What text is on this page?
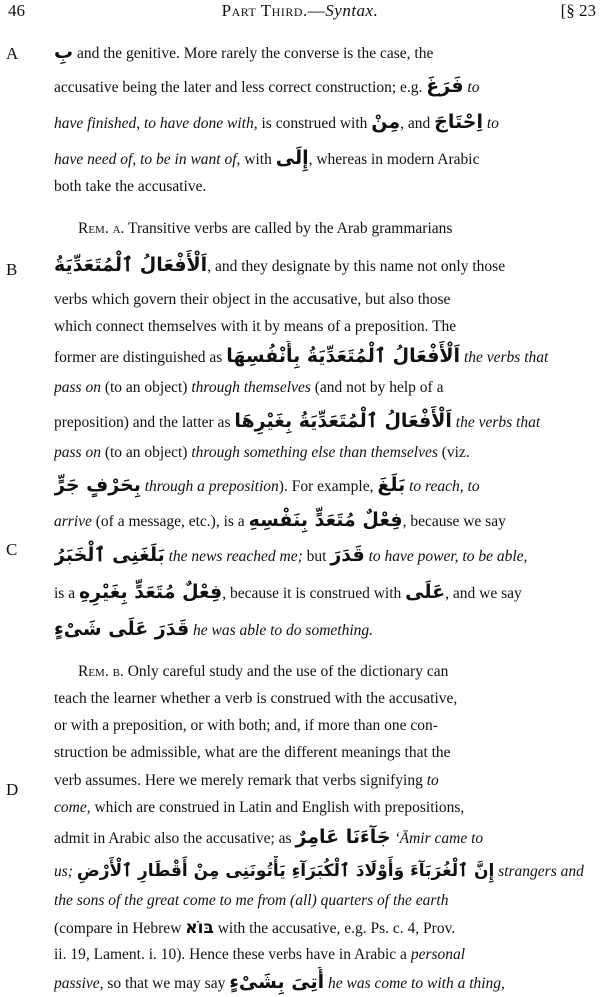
46	Part Third.—Syntax.	[§ 23
A
B
C
D
بِ and the genitive. More rarely the converse is the case, the
accusative being the later and less correct construction; e.g. فَرَغَ to
have finished, to have done with, is construed with مِنْ, and اِحْتَاجَ to
have need of, to be in want of, with إِلَى, whereas in modern Arabic
both take the accusative.
Rem. a. Transitive verbs are called by the Arab grammarians
اَلْأَفْعَالُ ٱلْمُتَعَدِّيَةُ, and they designate by this name not only those
verbs which govern their object in the accusative, but also those
which connect themselves with it by means of a preposition. The
former are distinguished as اَلْأَفْعَالُ ٱلْمُتَعَدِّيَةُ بِأَنْفُسِهَا the verbs that
pass on (to an object) through themselves (and not by help of a
preposition) and the latter as اَلْأَفْعَالُ ٱلْمُتَعَدِّيَةُ بِغَيْرِهَا the verbs that
pass on (to an object) through something else than themselves (viz.
بِحَرْفٍ جَرٍّ through a preposition). For example, بَلَغَ to reach, to
arrive (of a message, etc.), is a فِعْلٌ مُتَعَدٍّ بِنَفْسِهِ, because we say
بَلَغَنِى ٱلْخَبَرُ the news reached me; but قَدَرَ to have power, to be able,
is a فِعْلٌ مُتَعَدٍّ بِغَيْرِهِ, because it is construed with عَلَى, and we say
قَدَرَ عَلَى شَىْءٍ he was able to do something.
Rem. b. Only careful study and the use of the dictionary can
teach the learner whether a verb is construed with the accusative,
or with a preposition, or with both; and, if more than one con-
struction be admissible, what are the different meanings that the
verb assumes. Here we merely remark that verbs signifying to
come, which are construed in Latin and English with prepositions,
admit in Arabic also the accusative; as جَآءَنَا عَامِرٌ ‘Āmir came to
us; إِنَّ ٱلْغُرَبَآءَ وَأَوْلَادَ ٱلْكُبَرَآءِ يَأْتُونَنِى مِنْ أَقْطَارِ ٱلْأَرْضِ strangers and
the sons of the great come to me from (all) quarters of the earth
(compare in Hebrew בּוֹא with the accusative, e.g. Ps. c. 4, Prov.
ii. 19, Lament. i. 10). Hence these verbs have in Arabic a personal
passive, so that we may say أُتِىَ بِشَىْءٍ he was come to with a thing,
